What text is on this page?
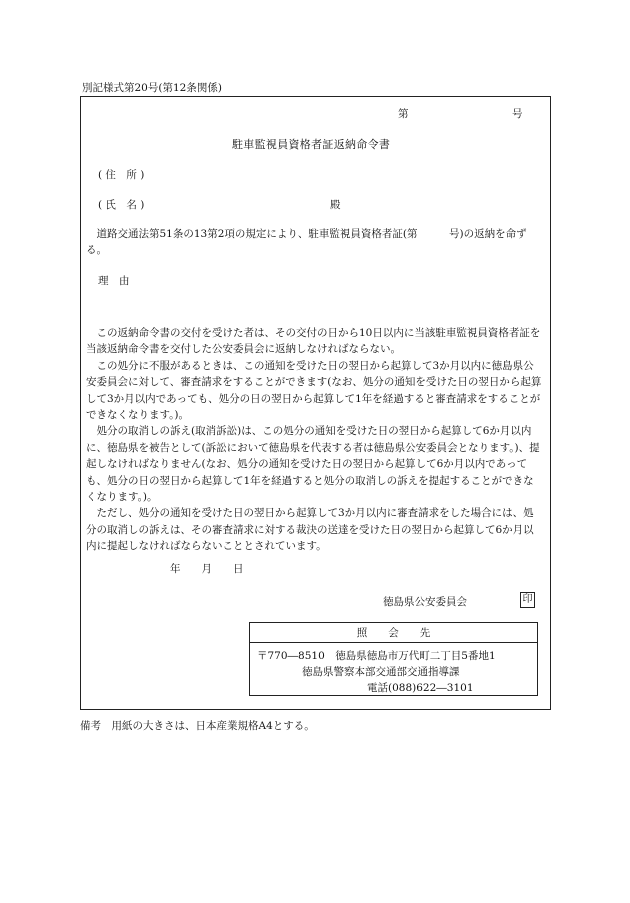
別記様式第20号(第12条関係)
第	号
駐車監視員資格者証返納命令書
( 住　所 )
( 氏　名 )	殿
道路交通法第51条の13第2項の規定により、駐車監視員資格者証(第　　　号)の返納を命ずる。
理　由

この返納命令書の交付を受けた者は、その交付の日から10日以内に当該駐車監視員資格者証を当該返納命令書を交付した公安委員会に返納しなければならない。

この処分に不服があるときは、この通知を受けた日の翌日から起算して3か月以内に徳島県公安委員会に対して、審査請求をすることができます(なお、処分の通知を受けた日の翌日から起算して3か月以内であっても、処分の日の翌日から起算して1年を経過すると審査請求をすることができなくなります。)。

処分の取消しの訴え(取消訴訟)は、この処分の通知を受けた日の翌日から起算して6か月以内に、徳島県を被告として(訴訟において徳島県を代表する者は徳島県公安委員会となります。)、提起しなければなりません(なお、処分の通知を受けた日の翌日から起算して6か月以内であっても、処分の日の翌日から起算して1年を経過すると処分の取消しの訴えを提起することができなくなります。)。

ただし、処分の通知を受けた日の翌日から起算して3か月以内に審査請求をした場合には、処分の取消しの訴えは、その審査請求に対する裁決の送達を受けた日の翌日から起算して6か月以内に提起しなければならないこととされています。

年　　月　　日
徳島県公安委員会	印
照　　会　　先
〒770―8510　徳島県徳島市万代町二丁目5番地1
徳島県警察本部交通部交通指導課
電話(088)622―3101
備考　用紙の大きさは、日本産業規格A4とする。
